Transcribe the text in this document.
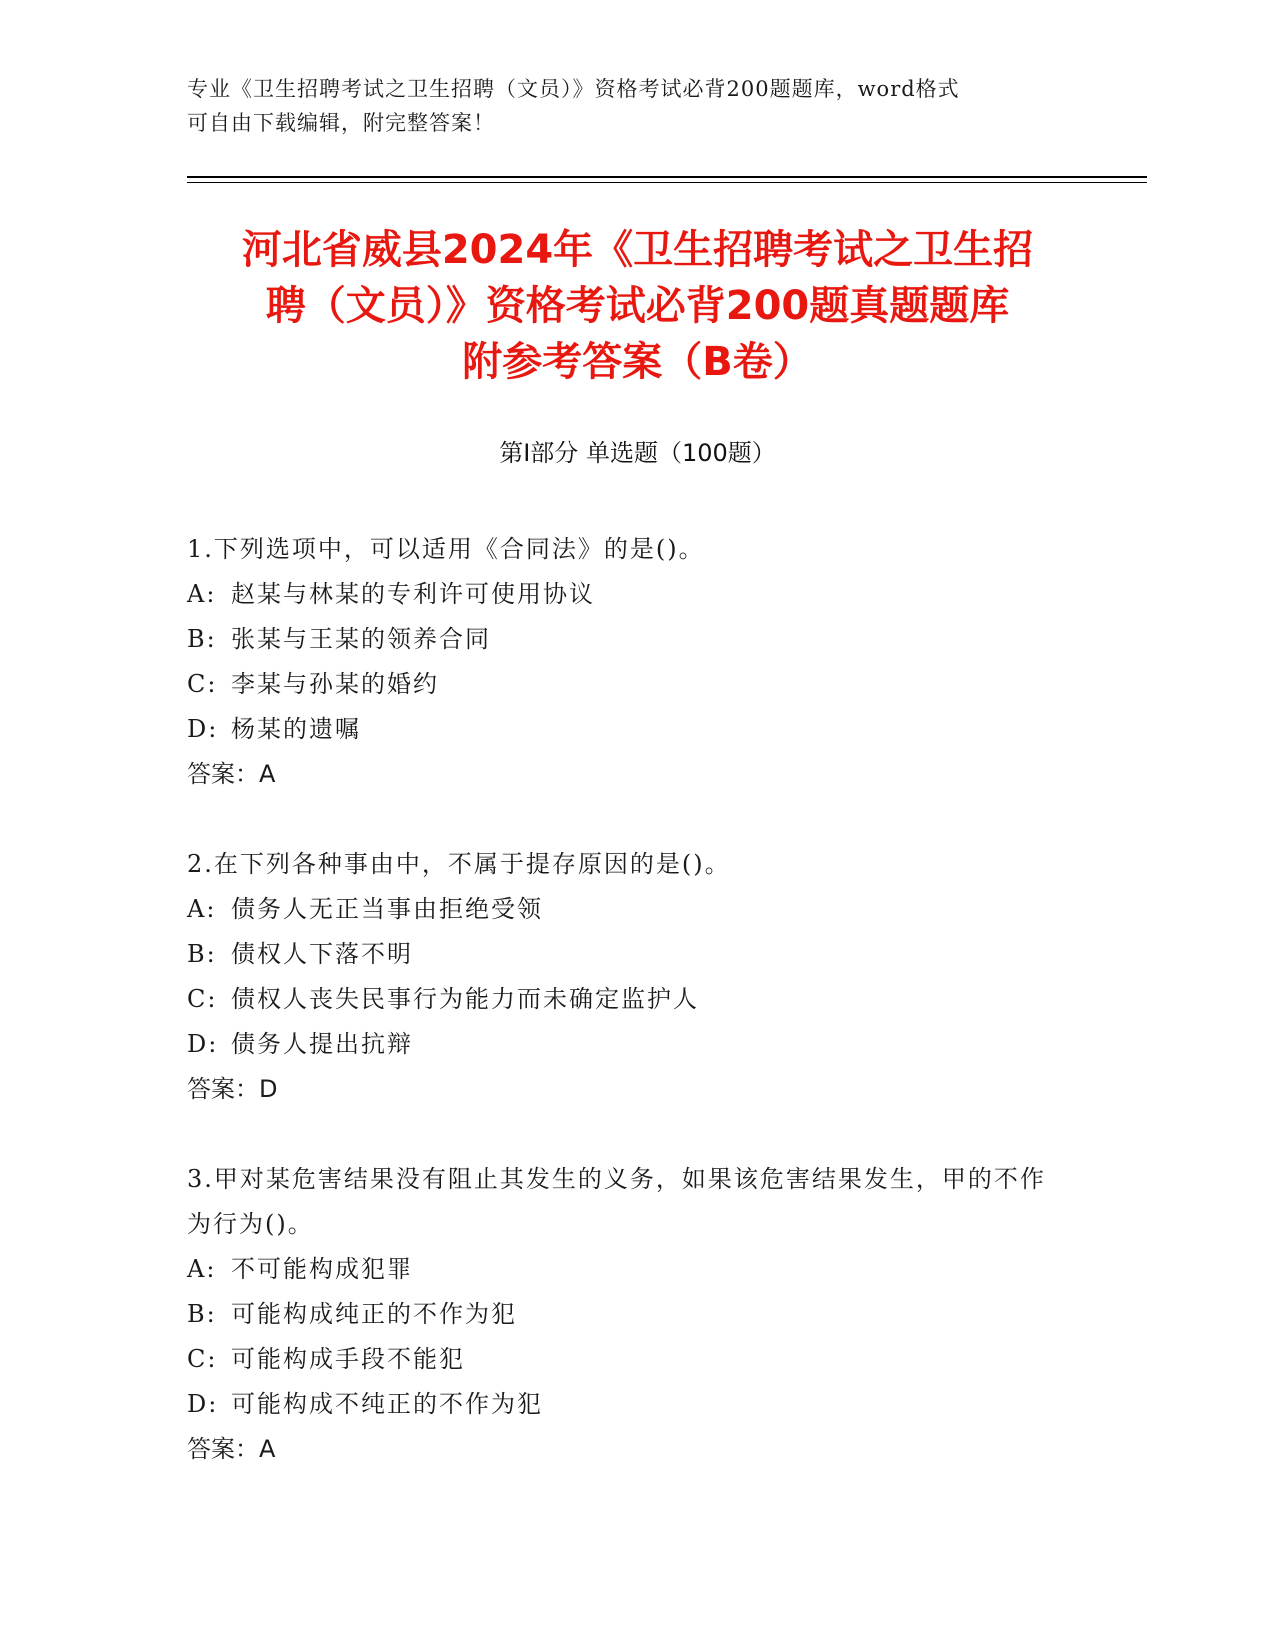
专业《卫生招聘考试之卫生招聘（文员）》资格考试必背200题题库，word格式
可自由下载编辑，附完整答案！
河北省威县2024年《卫生招聘考试之卫生招
聘（文员）》资格考试必背200题真题题库
附参考答案（B卷）
第I部分 单选题（100题）
1.下列选项中，可以适用《合同法》的是()。
A: 赵某与林某的专利许可使用协议
B: 张某与王某的领养合同
C: 李某与孙某的婚约
D: 杨某的遗嘱
答案：A
2.在下列各种事由中，不属于提存原因的是()。
A: 债务人无正当事由拒绝受领
B: 债权人下落不明
C: 债权人丧失民事行为能力而未确定监护人
D: 债务人提出抗辩
答案：D
3.甲对某危害结果没有阻止其发生的义务，如果该危害结果发生，甲的不作为行为()。
A: 不可能构成犯罪
B: 可能构成纯正的不作为犯
C: 可能构成手段不能犯
D: 可能构成不纯正的不作为犯
答案：A
